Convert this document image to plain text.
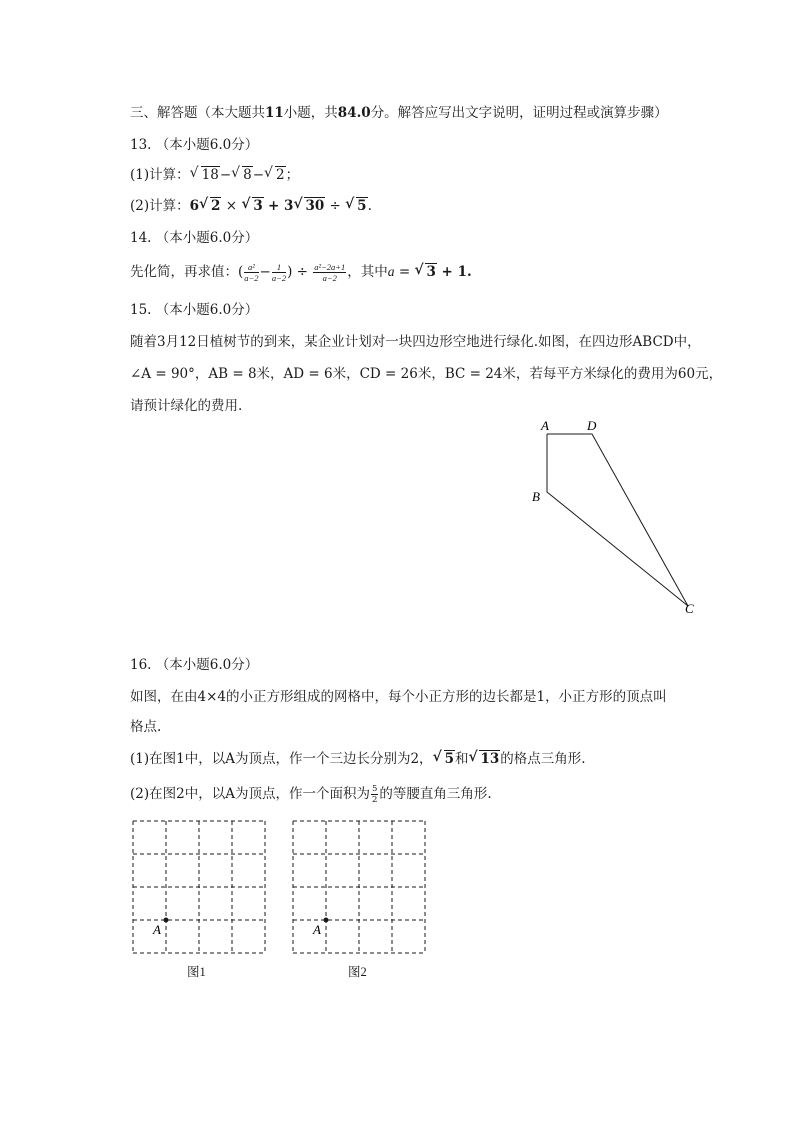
三、解答题（本大题共11小题，共84.0分。解答应写出文字说明，证明过程或演算步骤）
13. （本小题6.0分）
(1)计算： √ 18− √ 8− √ 2；
(2)计算：6 √ 2 × √ 3 + 3 √ 30 ÷ √ 5.
14. （本小题6.0分）
先化简，再求值：( $\frac{\text{a²}}{a-2} - \frac{1}{a-2}$ ) ÷ $\frac{\text{a²−2a+1}}{a-2}$ ，其中a = √ 3 + 1.
15. （本小题6.0分）
随着3月12日植树节的到来，某企业计划对一块四边形空地进行绿化.如图，在四边形ABCD中，
∠A = 90°，AB = 8米，AD = 6米，CD = 26米，BC = 24米，若每平方米绿化的费用为60元，
请预计绿化的费用.
A	D
B
C
16. （本小题6.0分）
如图，在由4×4的小正方形组成的网格中，每个小正方形的边长都是1，小正方形的顶点叫
格点.
(1)在图1中，以A为顶点，作一个三边长分别为2， √ 5和 √ 13的格点三角形.
(2)在图2中，以A为顶点，作一个面积为 $\frac{5}{2}$ 的等腰直角三角形.
A
图1
A
图2
